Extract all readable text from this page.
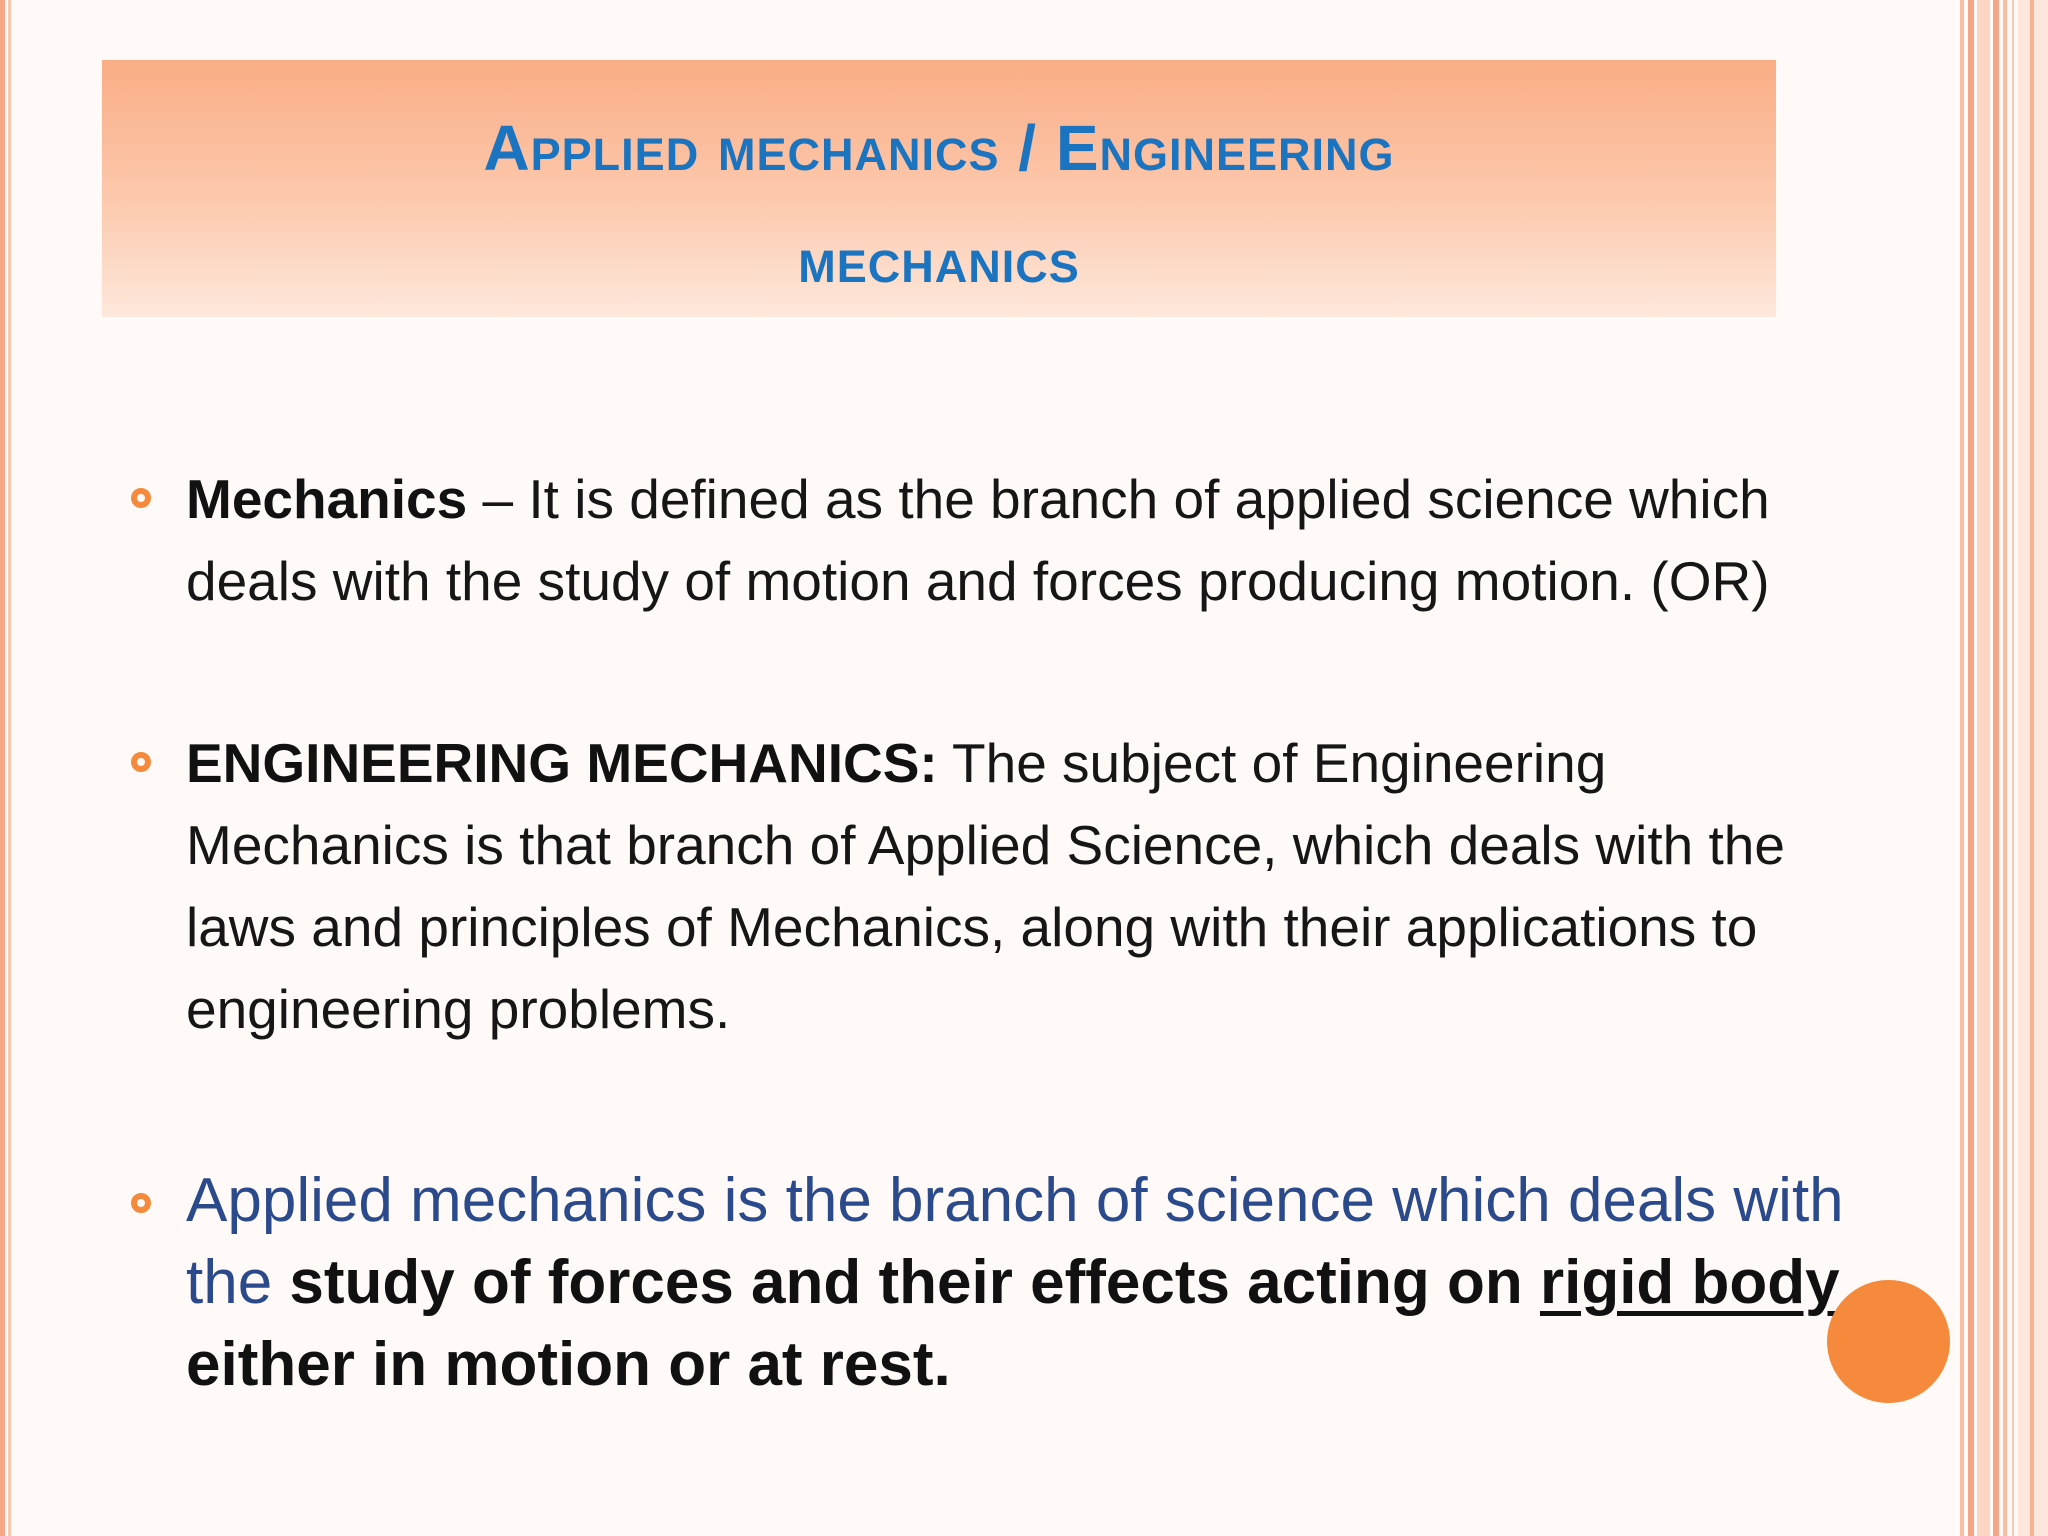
Applied mechanics / Engineering
mechanics
Mechanics – It is defined as the branch of applied science which deals with the study of motion and forces producing motion. (OR)
ENGINEERING MECHANICS: The subject of Engineering Mechanics is that branch of Applied Science, which deals with the laws and principles of Mechanics, along with their applications to engineering problems.
Applied mechanics is the branch of science which deals with the study of forces and their effects acting on rigid body either in motion or at rest.
